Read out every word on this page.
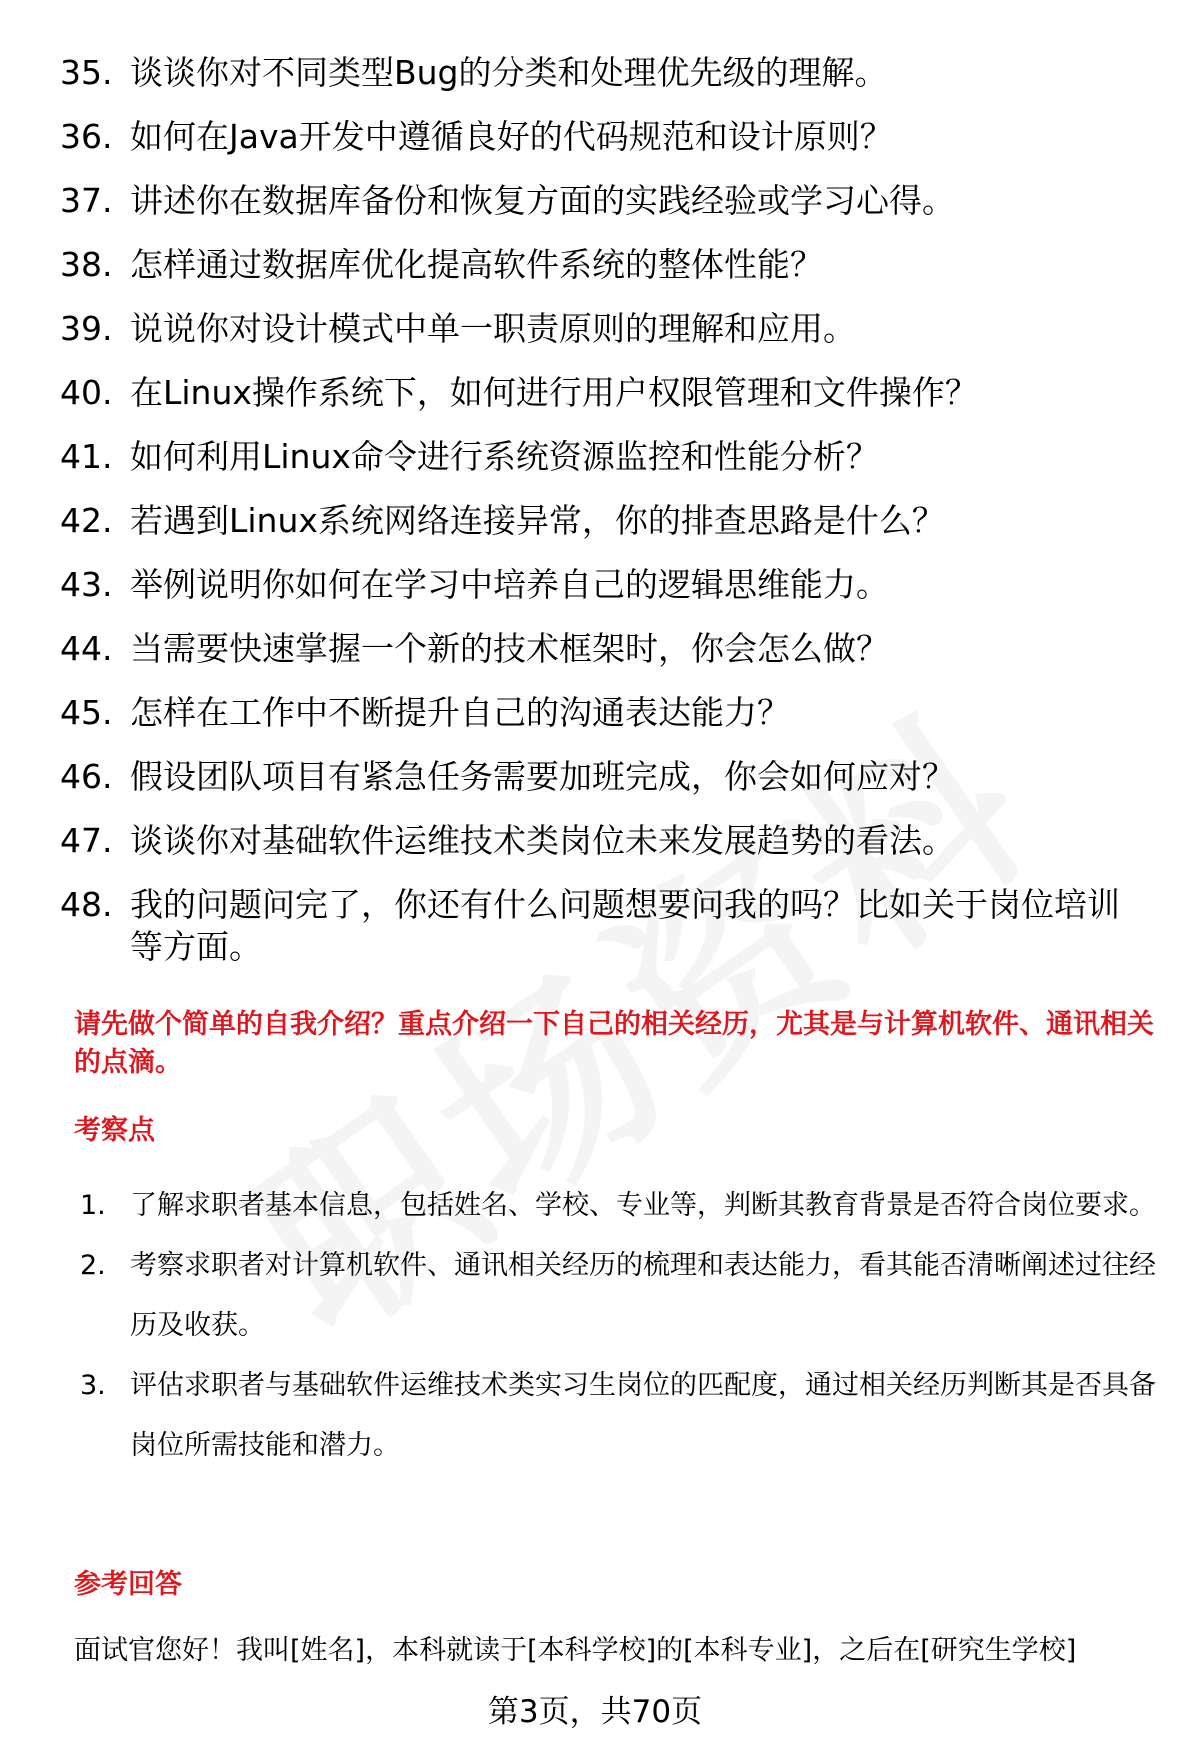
35. 谈谈你对不同类型Bug的分类和处理优先级的理解。
36. 如何在Java开发中遵循良好的代码规范和设计原则？
37. 讲述你在数据库备份和恢复方面的实践经验或学习心得。
38. 怎样通过数据库优化提高软件系统的整体性能？
39. 说说你对设计模式中单一职责原则的理解和应用。
40. 在Linux操作系统下，如何进行用户权限管理和文件操作？
41. 如何利用Linux命令进行系统资源监控和性能分析？
42. 若遇到Linux系统网络连接异常，你的排查思路是什么？
43. 举例说明你如何在学习中培养自己的逻辑思维能力。
44. 当需要快速掌握一个新的技术框架时，你会怎么做？
45. 怎样在工作中不断提升自己的沟通表达能力？
46. 假设团队项目有紧急任务需要加班完成，你会如何应对？
47. 谈谈你对基础软件运维技术类岗位未来发展趋势的看法。
48. 我的问题问完了，你还有什么问题想要问我的吗？比如关于岗位培训等方面。
请先做个简单的自我介绍？重点介绍一下自己的相关经历，尤其是与计算机软件、通讯相关的点滴。
考察点
1. 了解求职者基本信息，包括姓名、学校、专业等，判断其教育背景是否符合岗位要求。
2. 考察求职者对计算机软件、通讯相关经历的梳理和表达能力，看其能否清晰阐述过往经历及收获。
3. 评估求职者与基础软件运维技术类实习生岗位的匹配度，通过相关经历判断其是否具备岗位所需技能和潜力。
参考回答
面试官您好！我叫[姓名]，本科就读于[本科学校]的[本科专业]，之后在[研究生学校]
第3页，共70页
